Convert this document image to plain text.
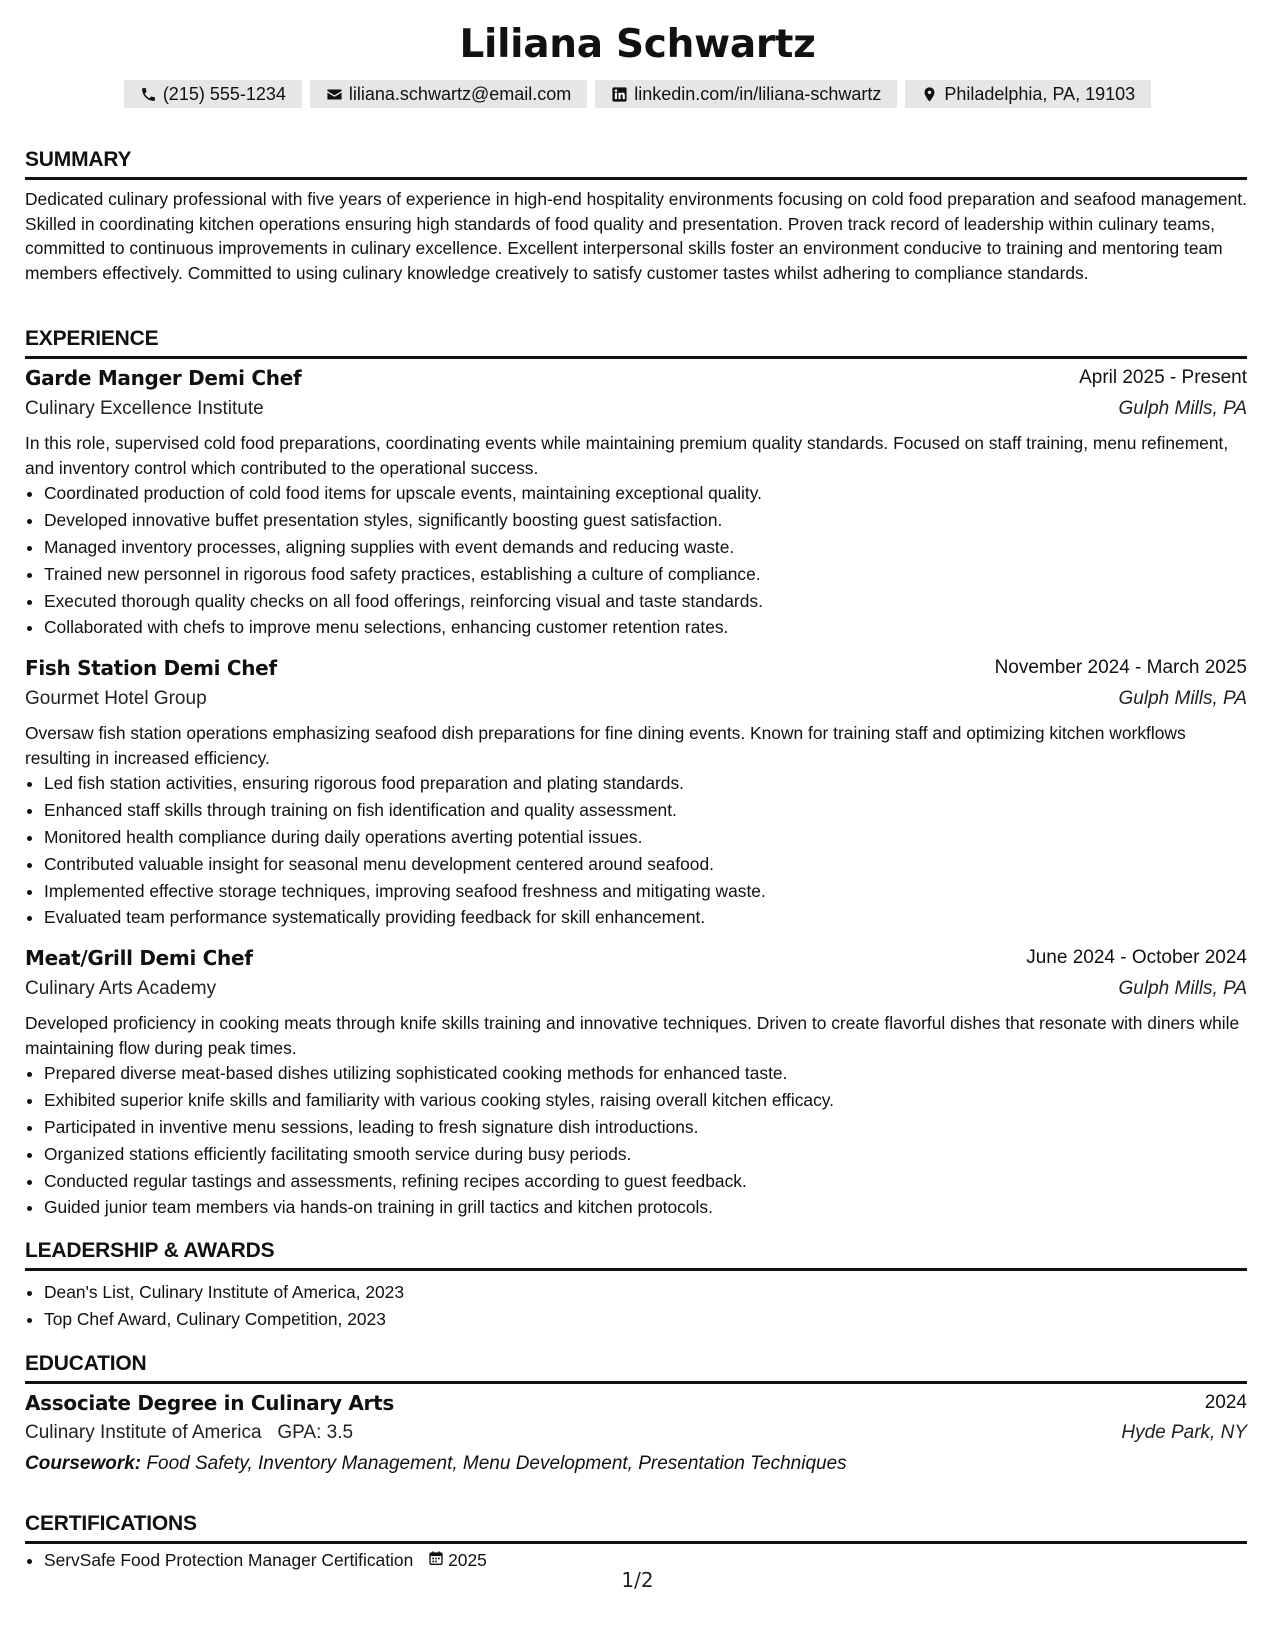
Liliana Schwartz
(215) 555-1234	liliana.schwartz@email.com	linkedin.com/in/liliana-schwartz	Philadelphia, PA, 19103
SUMMARY
Dedicated culinary professional with five years of experience in high-end hospitality environments focusing on cold food preparation and seafood management. Skilled in coordinating kitchen operations ensuring high standards of food quality and presentation. Proven track record of leadership within culinary teams, committed to continuous improvements in culinary excellence. Excellent interpersonal skills foster an environment conducive to training and mentoring team members effectively. Committed to using culinary knowledge creatively to satisfy customer tastes whilst adhering to compliance standards.
EXPERIENCE
Garde Manger Demi Chef	April 2025 - Present
Culinary Excellence Institute	Gulph Mills, PA
In this role, supervised cold food preparations, coordinating events while maintaining premium quality standards. Focused on staff training, menu refinement, and inventory control which contributed to the operational success.
• Coordinated production of cold food items for upscale events, maintaining exceptional quality.
• Developed innovative buffet presentation styles, significantly boosting guest satisfaction.
• Managed inventory processes, aligning supplies with event demands and reducing waste.
• Trained new personnel in rigorous food safety practices, establishing a culture of compliance.
• Executed thorough quality checks on all food offerings, reinforcing visual and taste standards.
• Collaborated with chefs to improve menu selections, enhancing customer retention rates.
Fish Station Demi Chef	November 2024 - March 2025
Gourmet Hotel Group	Gulph Mills, PA
Oversaw fish station operations emphasizing seafood dish preparations for fine dining events. Known for training staff and optimizing kitchen workflows resulting in increased efficiency.
• Led fish station activities, ensuring rigorous food preparation and plating standards.
• Enhanced staff skills through training on fish identification and quality assessment.
• Monitored health compliance during daily operations averting potential issues.
• Contributed valuable insight for seasonal menu development centered around seafood.
• Implemented effective storage techniques, improving seafood freshness and mitigating waste.
• Evaluated team performance systematically providing feedback for skill enhancement.
Meat/Grill Demi Chef	June 2024 - October 2024
Culinary Arts Academy	Gulph Mills, PA
Developed proficiency in cooking meats through knife skills training and innovative techniques. Driven to create flavorful dishes that resonate with diners while maintaining flow during peak times.
• Prepared diverse meat-based dishes utilizing sophisticated cooking methods for enhanced taste.
• Exhibited superior knife skills and familiarity with various cooking styles, raising overall kitchen efficacy.
• Participated in inventive menu sessions, leading to fresh signature dish introductions.
• Organized stations efficiently facilitating smooth service during busy periods.
• Conducted regular tastings and assessments, refining recipes according to guest feedback.
• Guided junior team members via hands-on training in grill tactics and kitchen protocols.
LEADERSHIP & AWARDS
• Dean's List, Culinary Institute of America, 2023
• Top Chef Award, Culinary Competition, 2023
EDUCATION
Associate Degree in Culinary Arts	2024
Culinary Institute of America GPA: 3.5	Hyde Park, NY
Coursework: Food Safety, Inventory Management, Menu Development, Presentation Techniques
CERTIFICATIONS
• ServSafe Food Protection Manager Certification 2025
1/2
